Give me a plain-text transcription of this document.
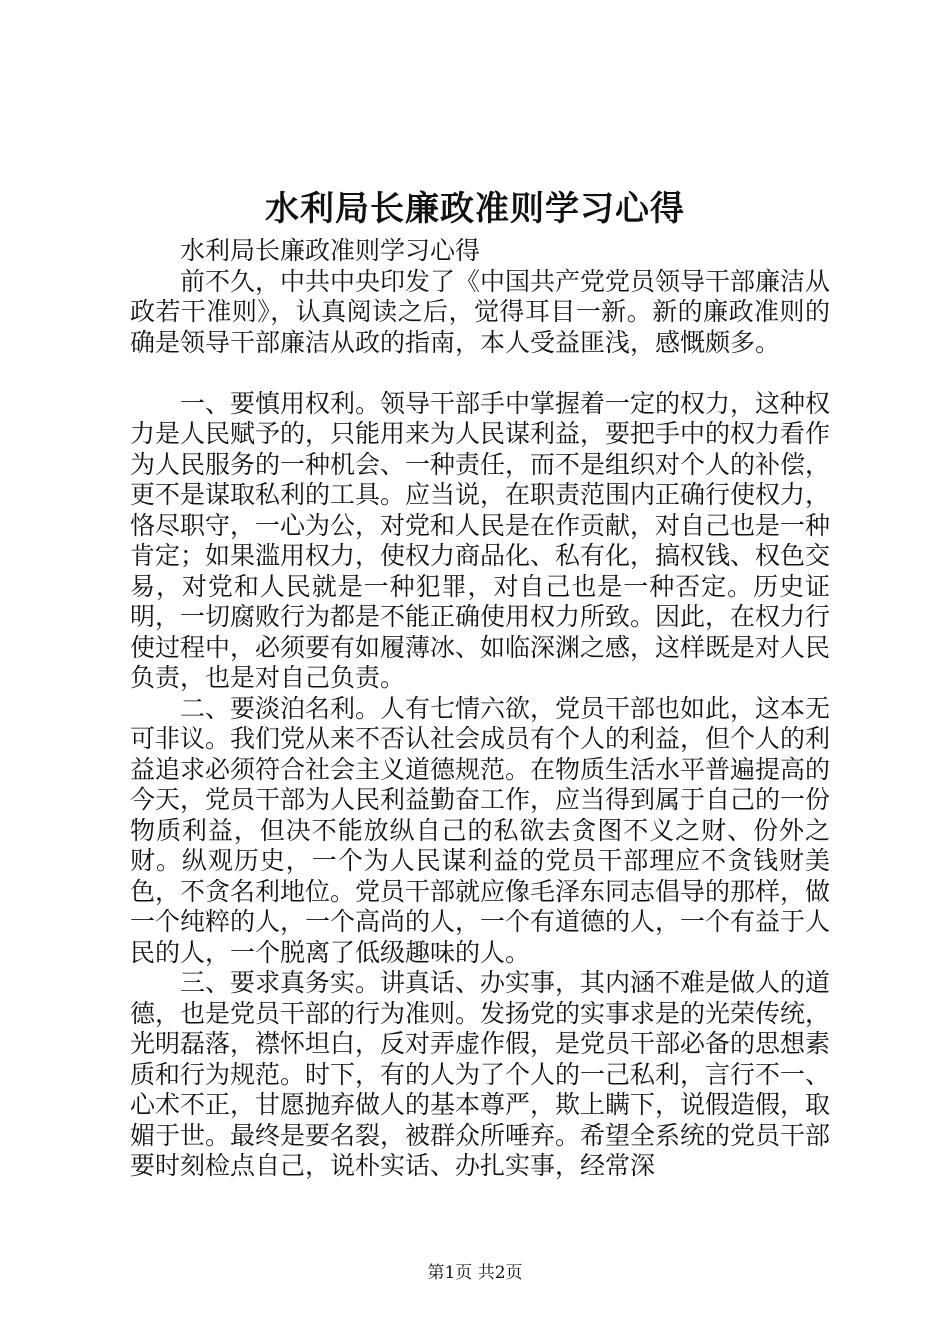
水利局长廉政准则学习心得

水利局长廉政准则学习心得

前不久，中共中央印发了《中国共产党党员领导干部廉洁从政若干准则》，认真阅读之后，觉得耳目一新。新的廉政准则的确是领导干部廉洁从政的指南，本人受益匪浅，感慨颇多。

一、要慎用权利。领导干部手中掌握着一定的权力，这种权力是人民赋予的，只能用来为人民谋利益，要把手中的权力看作为人民服务的一种机会、一种责任，而不是组织对个人的补偿，更不是谋取私利的工具。应当说，在职责范围内正确行使权力，恪尽职守，一心为公，对党和人民是在作贡献，对自己也是一种肯定；如果滥用权力，使权力商品化、私有化，搞权钱、权色交易，对党和人民就是一种犯罪，对自己也是一种否定。历史证明，一切腐败行为都是不能正确使用权力所致。因此，在权力行使过程中，必须要有如履薄冰、如临深渊之感，这样既是对人民负责，也是对自己负责。

二、要淡泊名利。人有七情六欲，党员干部也如此，这本无可非议。我们党从来不否认社会成员有个人的利益，但个人的利益追求必须符合社会主义道德规范。在物质生活水平普遍提高的今天，党员干部为人民利益勤奋工作，应当得到属于自己的一份物质利益，但决不能放纵自己的私欲去贪图不义之财、份外之财。纵观历史，一个为人民谋利益的党员干部理应不贪钱财美色，不贪名利地位。党员干部就应像毛泽东同志倡导的那样，做一个纯粹的人，一个高尚的人，一个有道德的人，一个有益于人民的人，一个脱离了低级趣味的人。

三、要求真务实。讲真话、办实事，其内涵不难是做人的道德，也是党员干部的行为准则。发扬党的实事求是的光荣传统，光明磊落，襟怀坦白，反对弄虚作假，是党员干部必备的思想素质和行为规范。时下，有的人为了个人的一己私利，言行不一、心术不正，甘愿抛弃做人的基本尊严，欺上瞒下，说假造假，取媚于世。最终是要名裂，被群众所唾弃。希望全系统的党员干部要时刻检点自己，说朴实话、办扎实事，经常深

第1页 共2页
